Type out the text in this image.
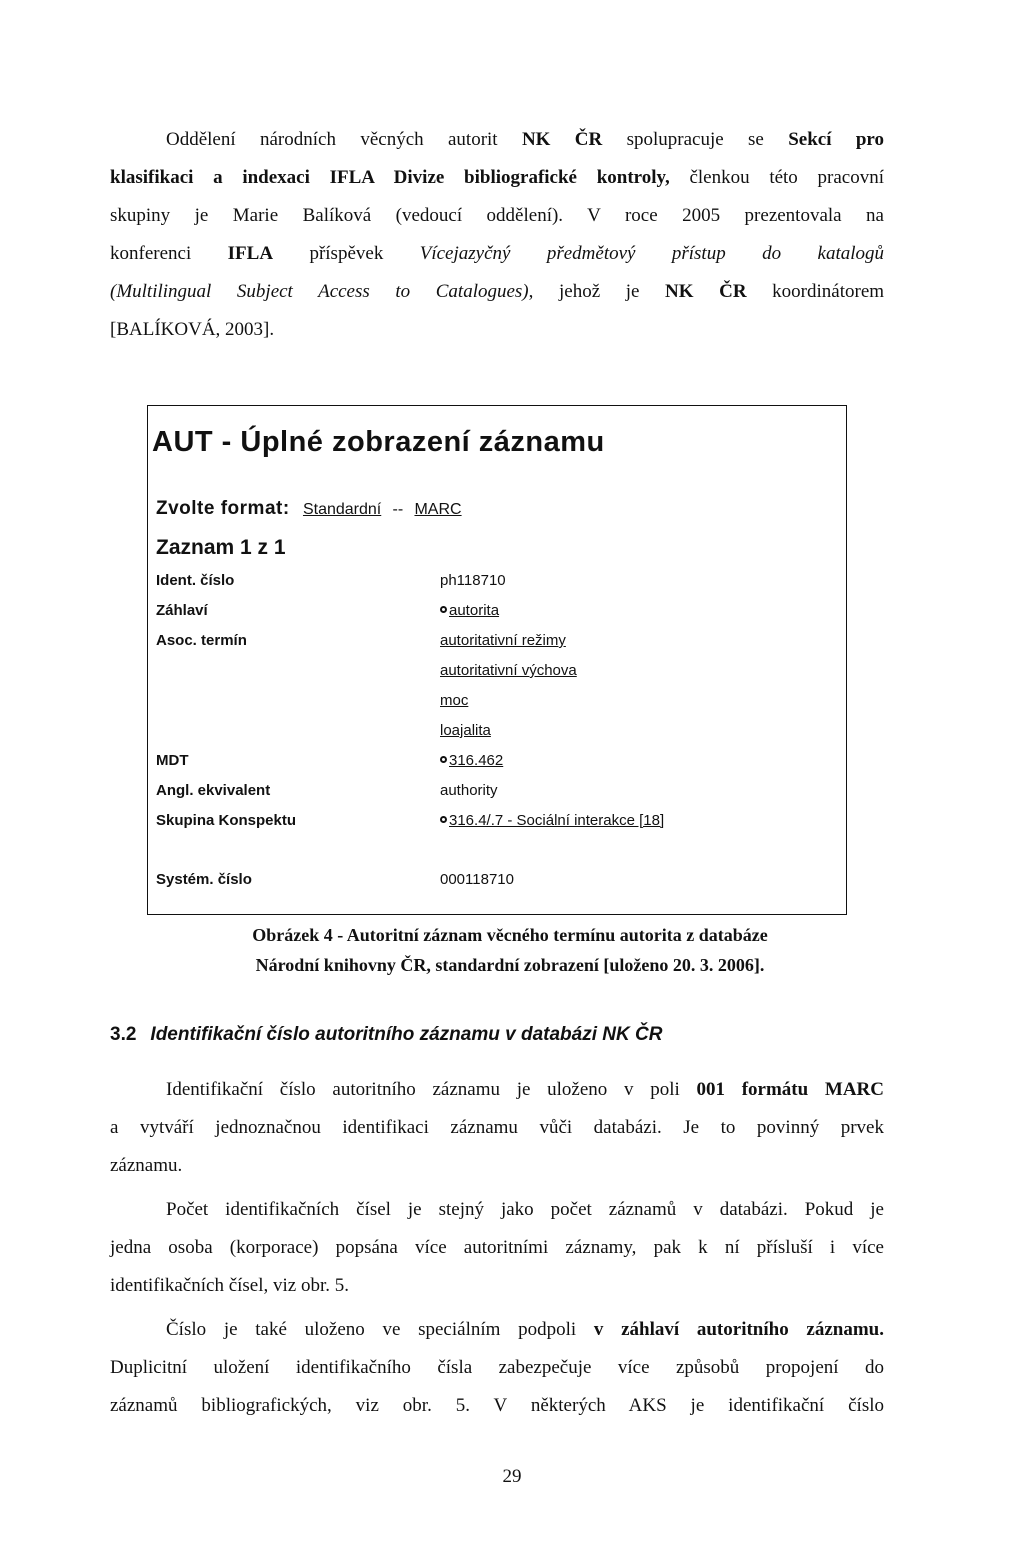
Oddělení národních věcných autorit NK ČR spolupracuje se Sekcí pro
klasifikaci a indexaci IFLA Divize bibliografické kontroly, členkou této pracovní
skupiny je Marie Balíková (vedoucí oddělení). V roce 2005 prezentovala na
konferenci IFLA příspěvek Vícejazyčný předmětový přístup do katalogů
(Multilingual Subject Access to Catalogues), jehož je NK ČR koordinátorem
[BALÍKOVÁ, 2003].
AUT - Úplné zobrazení záznamu
Zvolte format: Standardní -- MARC
Zaznam 1 z 1
Ident. číslo	ph118710
Záhlaví	autorita
Asoc. termín	autoritativní režimy
autoritativní výchova
moc
loajalita
MDT	316.462
Angl. ekvivalent	authority
Skupina Konspektu	316.4/.7 - Sociální interakce [18]
Systém. číslo	000118710

Obrázek 4 - Autoritní záznam věcného termínu autorita z databáze
Národní knihovny ČR, standardní zobrazení [uloženo 20. 3. 2006].

3.2 Identifikační číslo autoritního záznamu v databázi NK ČR
Identifikační číslo autoritního záznamu je uloženo v poli 001 formátu MARC
a vytváří jednoznačnou identifikaci záznamu vůči databázi. Je to povinný prvek
záznamu.
Počet identifikačních čísel je stejný jako počet záznamů v databázi. Pokud je
jedna osoba (korporace) popsána více autoritními záznamy, pak k ní přísluší i více
identifikačních čísel, viz obr. 5.
Číslo je také uloženo ve speciálním podpoli v záhlaví autoritního záznamu.
Duplicitní uložení identifikačního čísla zabezpečuje více způsobů propojení do
záznamů bibliografických, viz obr. 5. V některých AKS je identifikační číslo
29
